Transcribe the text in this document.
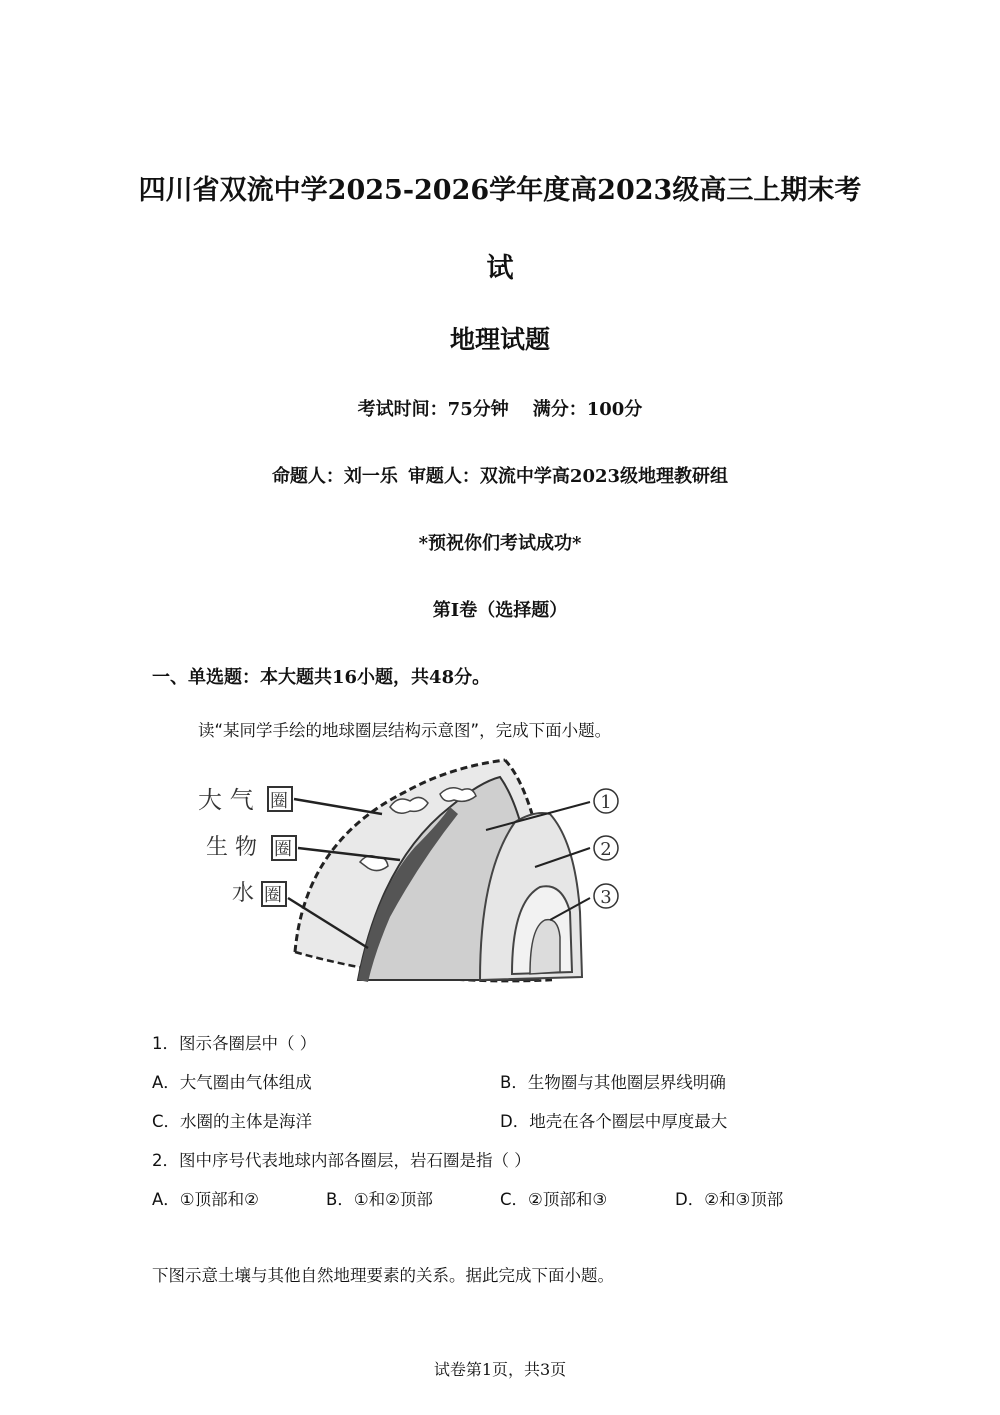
四川省双流中学2025-2026学年度高2023级高三上期末考
试
地理试题
考试时间：75分钟 满分：100分
命题人：刘一乐 审题人：双流中学高2023级地理教研组
*预祝你们考试成功*
第I卷（选择题）
一、单选题：本大题共16小题，共48分。
读“某同学手绘的地球圈层结构示意图”，完成下面小题。
大 气 圈
生 物 圈
水 圈
1
2
3
1．图示各圈层中（ ）
A．大气圈由气体组成	B．生物圈与其他圈层界线明确
C．水圈的主体是海洋	D．地壳在各个圈层中厚度最大
2．图中序号代表地球内部各圈层，岩石圈是指（ ）
A．①顶部和②	B．①和②顶部	C．②顶部和③	D．②和③顶部
下图示意土壤与其他自然地理要素的关系。据此完成下面小题。
试卷第1页，共3页
